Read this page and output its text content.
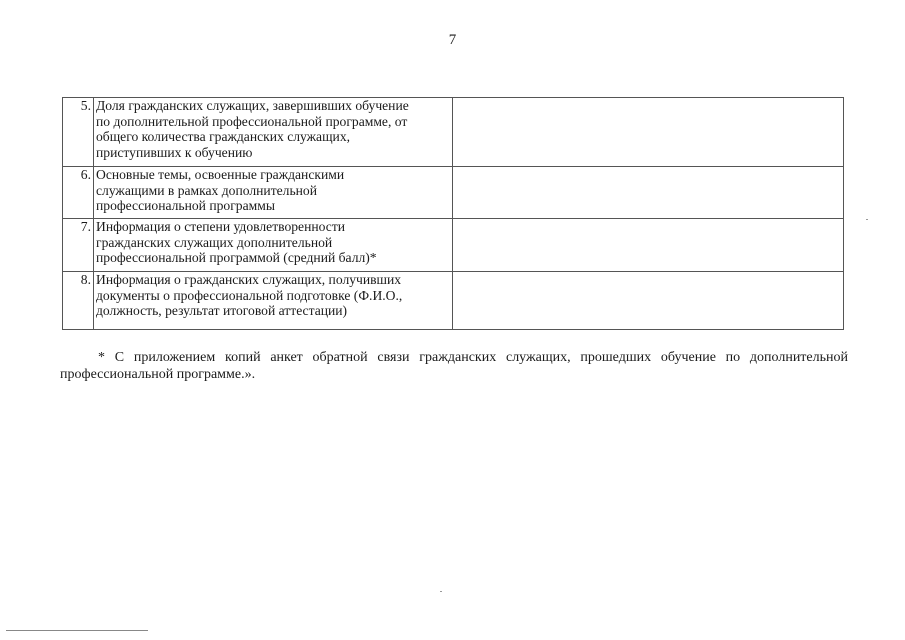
7
5.	Доля гражданских служащих, завершивших обучение
по дополнительной профессиональной программе, от
общего количества гражданских служащих,
приступивших к обучению	
6.	Основные темы, освоенные гражданскими
служащими в рамках дополнительной
профессиональной программы	
7.	Информация о степени удовлетворенности
гражданских служащих дополнительной
профессиональной программой (средний балл)*	
8.	Информация о гражданских служащих, получивших
документы о профессиональной подготовке (Ф.И.О.,
должность, результат итоговой аттестации)	
* С приложением копий анкет обратной связи гражданских служащих, прошедших обучение по дополнительной профессиональной программе.».
